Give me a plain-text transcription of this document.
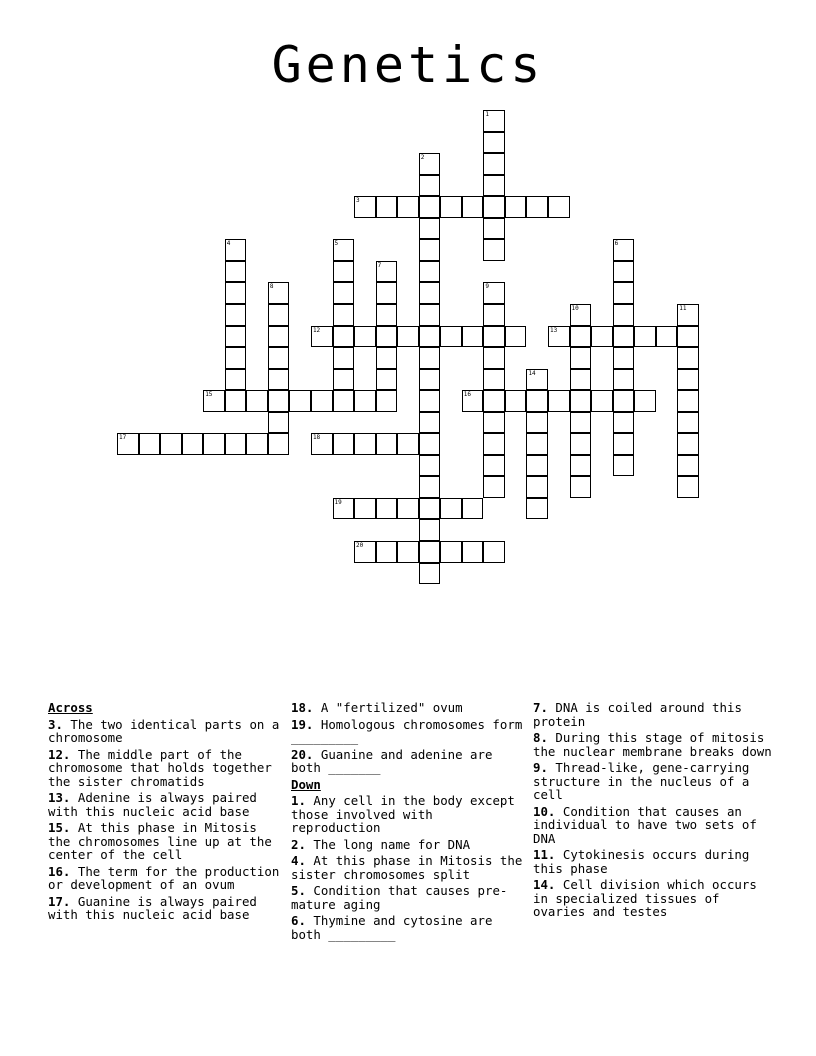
Genetics
1
2
3
4	5	6
7
8	9
10	11
12	13
14
15	16
17	18
19
20
Across
3. The two identical parts on a chromosome
12. The middle part of the chromosome that holds together the sister chromatids
13. Adenine is always paired with this nucleic acid base
15. At this phase in Mitosis the chromosomes line up at the center of the cell
16. The term for the production or development of an ovum
17. Guanine is always paired with this nucleic acid base
18. A "fertilized" ovum
19. Homologous chromosomes form _________
20. Guanine and adenine are both _______
Down
1. Any cell in the body except those involved with reproduction
2. The long name for DNA
4. At this phase in Mitosis the sister chromosomes split
5. Condition that causes pre-mature aging
6. Thymine and cytosine are both _________
7. DNA is coiled around this protein
8. During this stage of mitosis the nuclear membrane breaks down
9. Thread-like, gene-carrying structure in the nucleus of a cell
10. Condition that causes an individual to have two sets of DNA
11. Cytokinesis occurs during this phase
14. Cell division which occurs in specialized tissues of ovaries and testes
